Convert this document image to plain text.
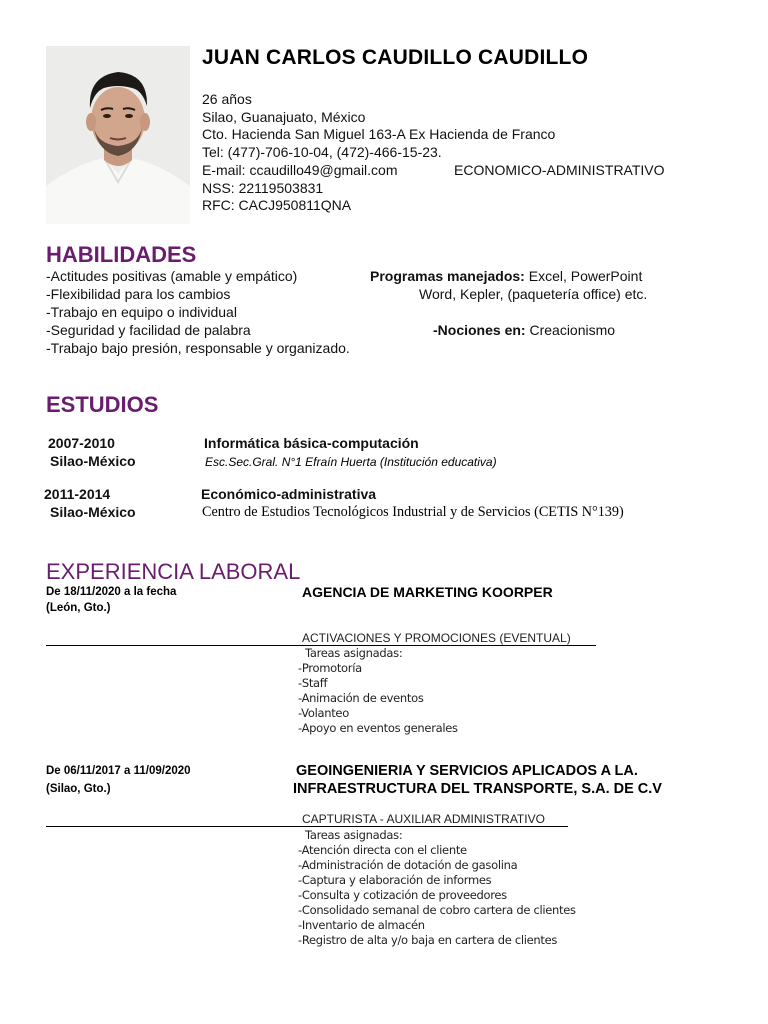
JUAN CARLOS CAUDILLO CAUDILLO
26 años
Silao, Guanajuato, México
Cto. Hacienda San Miguel 163-A Ex Hacienda de Franco
Tel: (477)-706-10-04, (472)-466-15-23.
E-mail: ccaudillo49@gmail.com	ECONOMICO-ADMINISTRATIVO
NSS: 22119503831
RFC: CACJ950811QNA
HABILIDADES
-Actitudes positivas (amable y empático)
-Flexibilidad para los cambios
-Trabajo en equipo o individual
-Seguridad y facilidad de palabra
-Trabajo bajo presión, responsable y organizado.
Programas manejados: Excel, PowerPoint
Word, Kepler, (paquetería office) etc.
-Nociones en: Creacionismo
ESTUDIOS
2007-2010
Silao-México
Informática básica-computación
Esc.Sec.Gral. N°1 Efraín Huerta (Institución educativa)
2011-2014
Silao-México
Económico-administrativa
Centro de Estudios Tecnológicos Industrial y de Servicios (CETIS N°139)
EXPERIENCIA LABORAL
De 18/11/2020 a la fecha
(León, Gto.)
AGENCIA DE MARKETING KOORPER
ACTIVACIONES Y PROMOCIONES (EVENTUAL)
Tareas asignadas:
-Promotoría
-Staff
-Animación de eventos
-Volanteo
-Apoyo en eventos generales
De 06/11/2017 a 11/09/2020
(Silao, Gto.)
GEOINGENIERIA Y SERVICIOS APLICADOS A LA.
INFRAESTRUCTURA DEL TRANSPORTE, S.A. DE C.V
CAPTURISTA - AUXILIAR ADMINISTRATIVO
Tareas asignadas:
-Atención directa con el cliente
-Administración de dotación de gasolina
-Captura y elaboración de informes
-Consulta y cotización de proveedores
-Consolidado semanal de cobro cartera de clientes
-Inventario de almacén
-Registro de alta y/o baja en cartera de clientes
